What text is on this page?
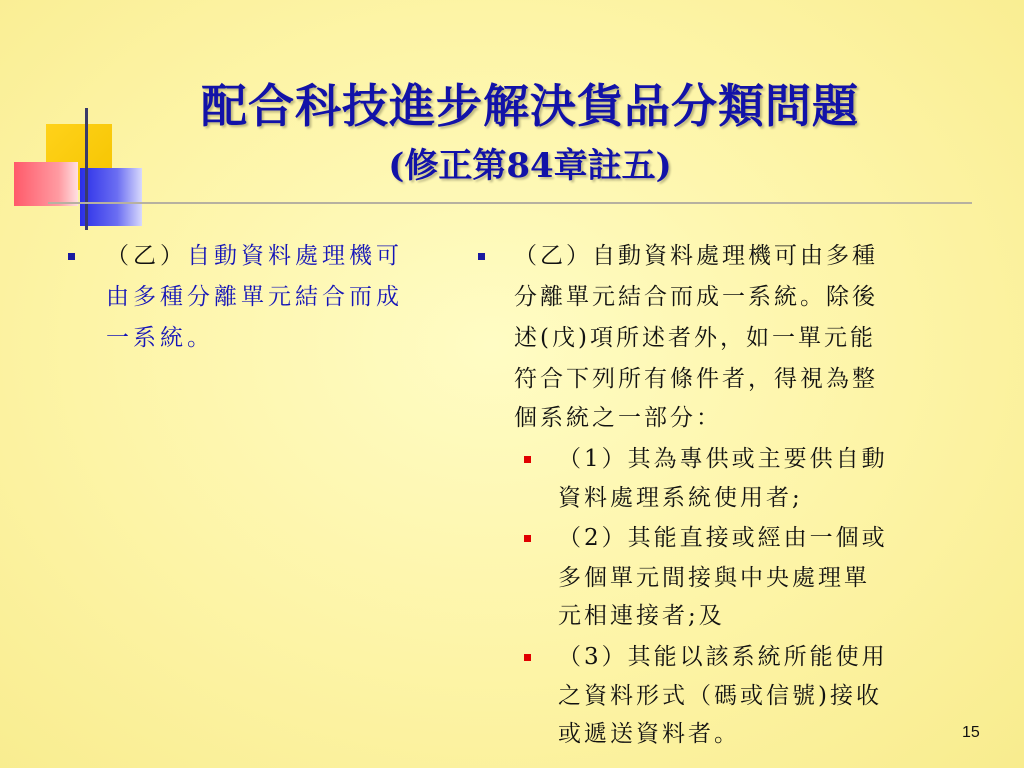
配合科技進步解決貨品分類問題
(修正第84章註五)
（乙）自動資料處理機可
由多種分離單元結合而成
一系統。
（乙）自動資料處理機可由多種
分離單元結合而成一系統。除後
述(戊)項所述者外，如一單元能
符合下列所有條件者，得視為整
個系統之一部分：
（1）其為專供或主要供自動
資料處理系統使用者;
（2）其能直接或經由一個或
多個單元間接與中央處理單
元相連接者;及
（3）其能以該系統所能使用
之資料形式（碼或信號)接收
或遞送資料者。	15
